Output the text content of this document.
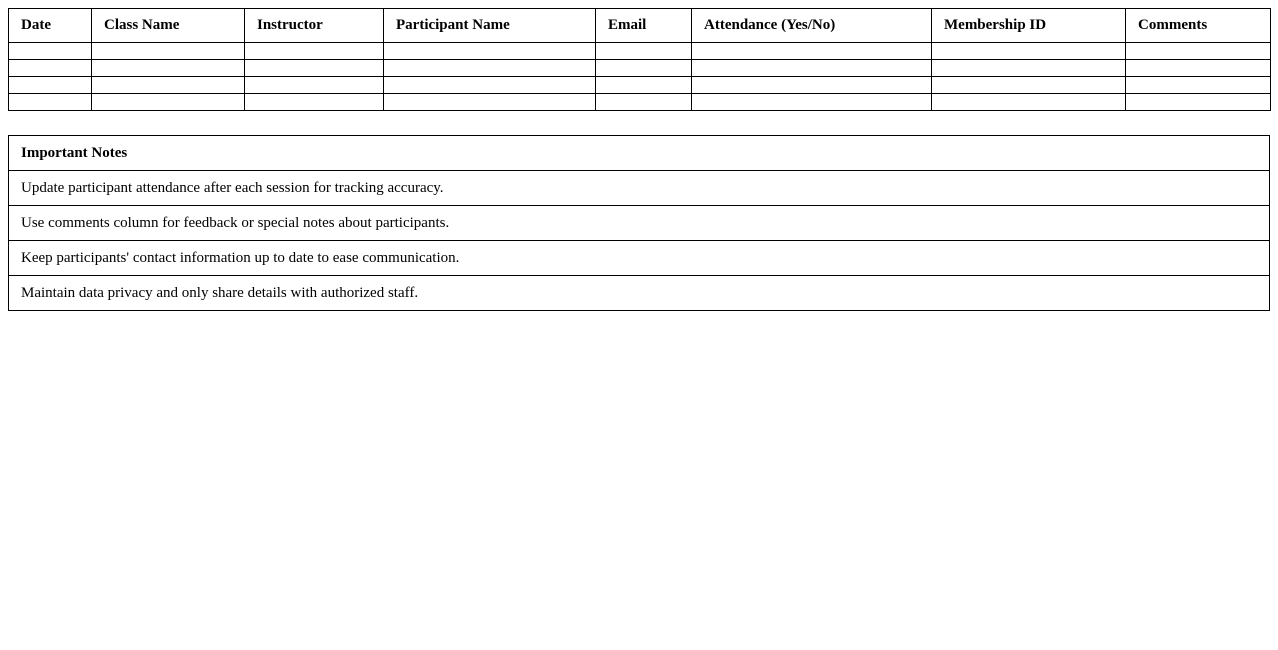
Date	Class Name	Instructor	Participant Name	Email	Attendance (Yes/No)	Membership ID	Comments

Important Notes
Update participant attendance after each session for tracking accuracy.
Use comments column for feedback or special notes about participants.
Keep participants' contact information up to date to ease communication.
Maintain data privacy and only share details with authorized staff.
